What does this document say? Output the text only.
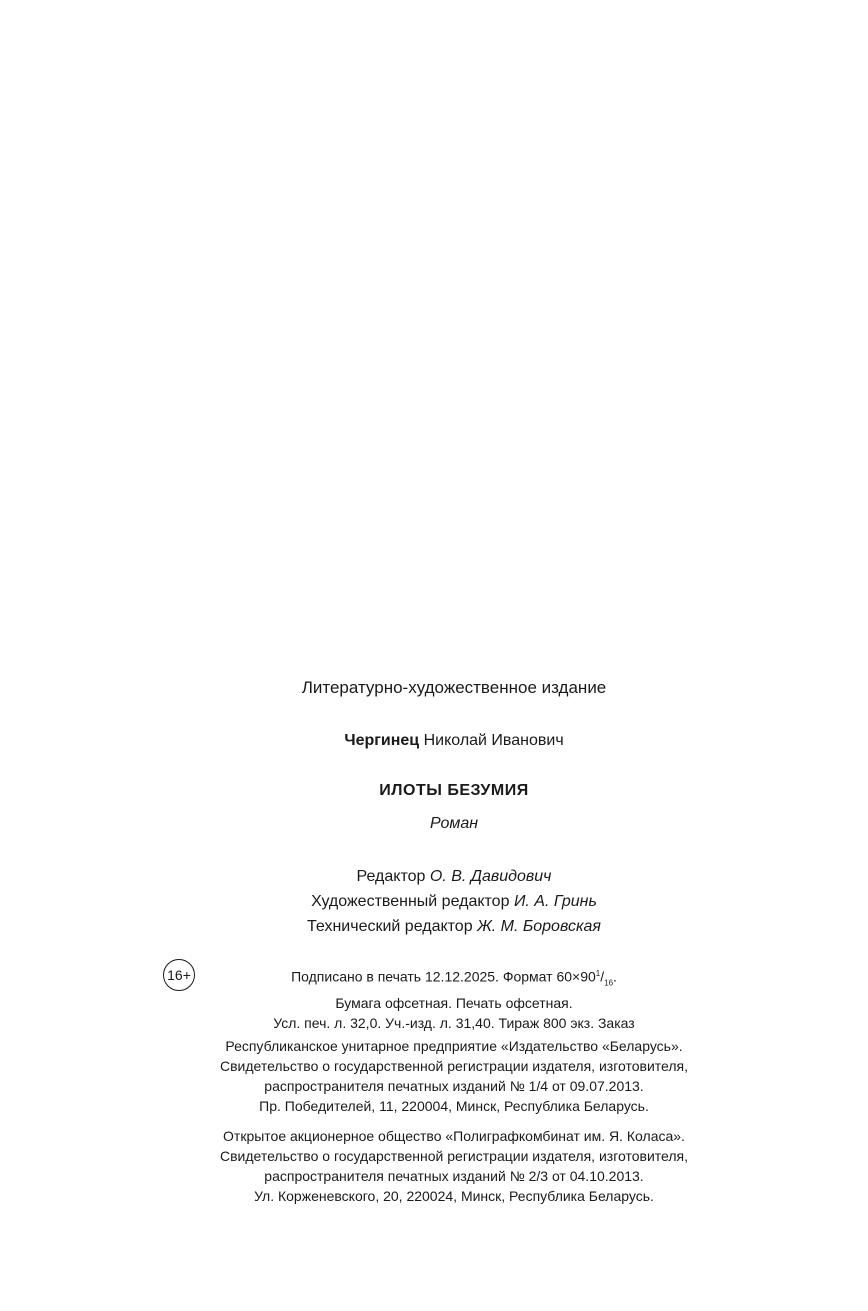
Литературно-художественное издание
Чергинец Николай Иванович
ИЛОТЫ БЕЗУМИЯ
Роман
Редактор О. В. Давидович
Художественный редактор И. А. Гринь
Технический редактор Ж. М. Боровская
16+	Подписано в печать 12.12.2025. Формат $60\times 90^1/_{16}$.
Бумага офсетная. Печать офсетная.
Усл. печ. л. 32,0. Уч.-изд. л. 31,40. Тираж 800 экз. Заказ
Республиканское унитарное предприятие «Издательство «Беларусь».
Свидетельство о государственной регистрации издателя, изготовителя,
распространителя печатных изданий № 1/4 от 09.07.2013.
Пр. Победителей, 11, 220004, Минск, Республика Беларусь.
Открытое акционерное общество «Полиграфкомбинат им. Я. Коласа».
Свидетельство о государственной регистрации издателя, изготовителя,
распространителя печатных изданий № 2/3 от 04.10.2013.
Ул. Корженевского, 20, 220024, Минск, Республика Беларусь.
